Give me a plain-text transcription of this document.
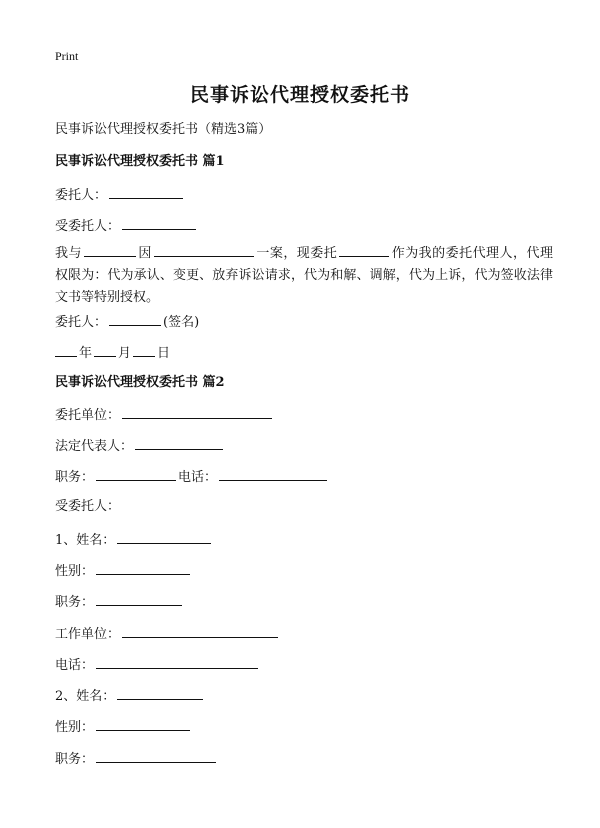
Print
民事诉讼代理授权委托书
民事诉讼代理授权委托书（精选3篇）
民事诉讼代理授权委托书 篇1
委托人：
受委托人：
我与	因	一案，现委托	作为我的委托代理人，代理权限为：代为承认、变更、放弃诉讼请求，代为和解、调解，代为上诉，代为签收法律文书等特别授权。
委托人：	(签名)
年 月 日
民事诉讼代理授权委托书 篇2
委托单位：
法定代表人：
职务：	电话：
受委托人：
1、姓名：
性别：
职务：
工作单位：
电话：
2、姓名：
性别：
职务：
